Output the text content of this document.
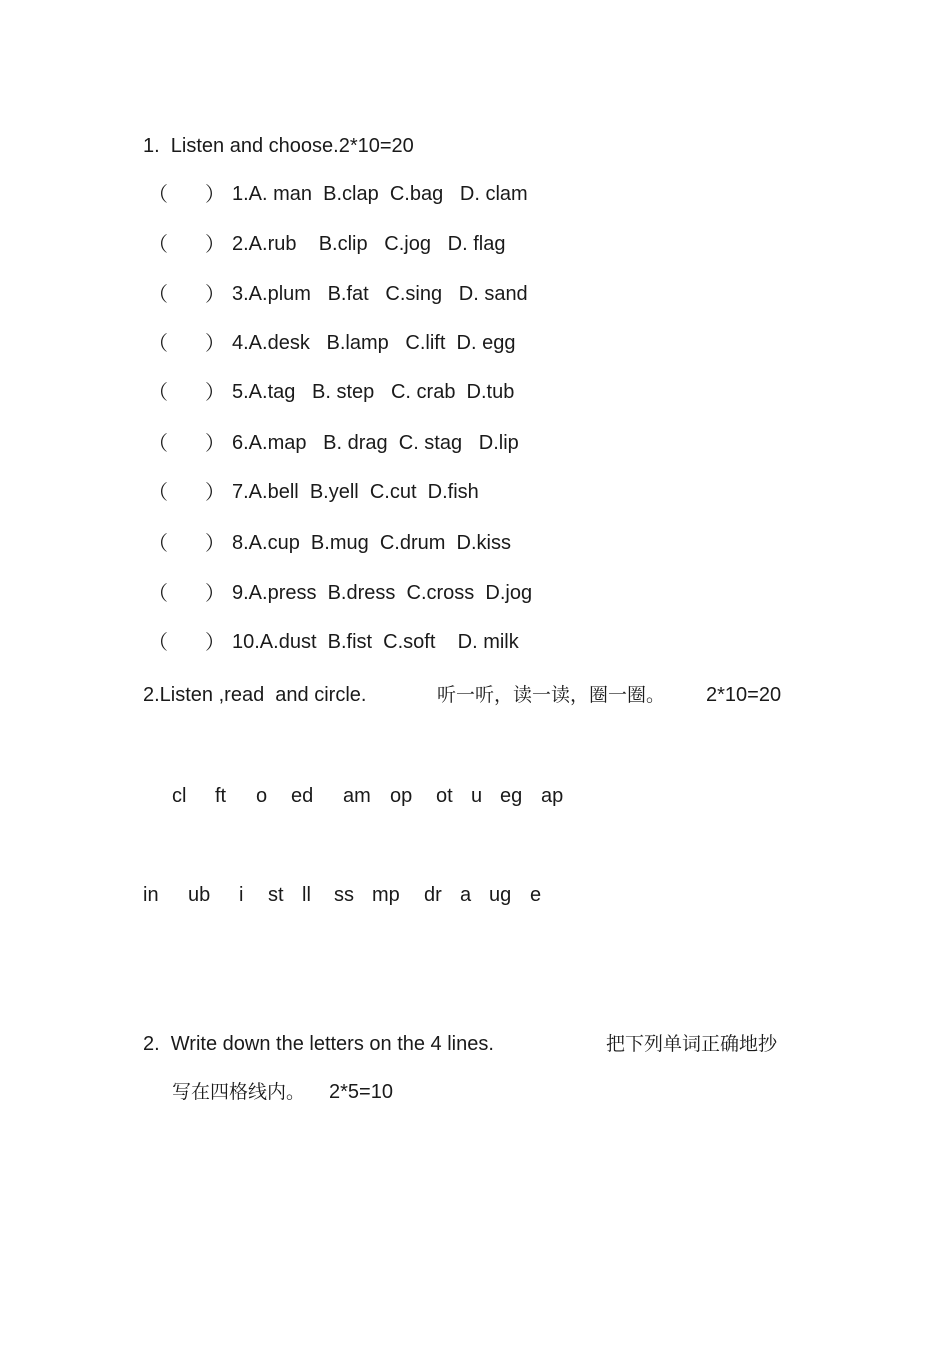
1.  Listen and choose.2*10=20
（ ） 1.A. man  B.clap  C.bag   D. clam
（ ） 2.A.rub    B.clip   C.jog   D. flag
（ ） 3.A.plum   B.fat   C.sing   D. sand
（ ） 4.A.desk   B.lamp   C.lift  D. egg
（ ） 5.A.tag   B. step   C. crab  D.tub
（ ） 6.A.map   B. drag  C. stag   D.lip
（ ） 7.A.bell  B.yell  C.cut  D.fish
（ ） 8.A.cup  B.mug  C.drum  D.kiss
（ ） 9.A.press  B.dress  C.cross  D.jog
（ ） 10.A.dust  B.fist  C.soft    D. milk
2.Listen ,read  and circle.	听一听，读一读，圈一圈。 2*10=20
cl ft o ed am op ot u eg ap
in ub i st ll ss mp dr a ug e
2.  Write down the letters on the 4 lines.	把下列单词正确地抄
写在四格线内。 2*5=10
